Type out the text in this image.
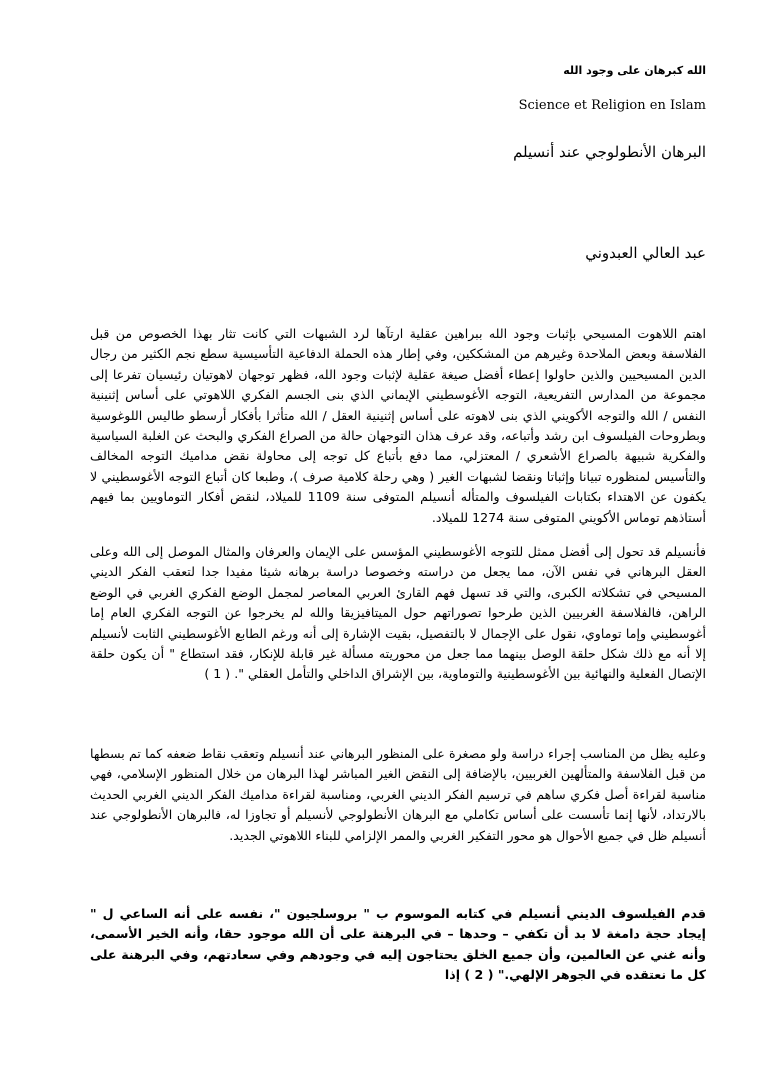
الله كبرهان على وجود الله
Science et Religion en Islam
البرهان الأنطولوجي عند أنسيلم
عبد العالي العبدوني

اهتم اللاهوت المسيحي بإثبات وجود الله ببراهين عقلية ارتآها لرد الشبهات التي كانت تثار بهذا الخصوص من قبل الفلاسفة وبعض الملاحدة وغيرهم من المشككين، وفي إطار هذه الحملة الدفاعية التأسيسية سطع نجم الكثير من رجال الدين المسيحيين والذين حاولوا إعطاء أفضل صيغة عقلية لإثبات وجود الله، فظهر توجهان لاهوتيان رئيسيان تفرعا إلى مجموعة من المدارس التفريعية، التوجه الأغوسطيني الإيماني الذي بنى الجسم الفكري اللاهوتي على أساس إثنينية النفس / الله والتوجه الأكويني الذي بنى لاهوته على أساس إثنينية العقل / الله متأثرا بأفكار أرسطو طاليس اللوغوسية وبطروحات الفيلسوف ابن رشد وأتباعه، وقد عرف هذان التوجهان حالة من الصراع الفكري والبحث عن الغلبة السياسية والفكرية شبيهة بالصراع الأشعري / المعتزلي، مما دفع بأتباع كل توجه إلى محاولة نقض مداميك التوجه المخالف والتأسيس لمنظوره تبيانا وإثباتا ونقضا لشبهات الغير ( وهي رحلة كلامية صرف )، وطبعا كان أتباع التوجه الأغوسطيني لا يكفون عن الاهتداء بكتابات الفيلسوف والمتأله أنسيلم المتوفى سنة 1109 للميلاد، لنقض أفكار التوماويين بما فيهم أستاذهم توماس الأكويني المتوفى سنة 1274 للميلاد.

فأنسيلم قد تحول إلى أفضل ممثل للتوجه الأغوسطيني المؤسس على الإيمان والعرفان والمثال الموصل إلى الله وعلى العقل البرهاني في نفس الآن، مما يجعل من دراسته وخصوصا دراسة برهانه شيئا مفيدا جدا لتعقب الفكر الديني المسيحي في تشكلاته الكبرى، والتي قد تسهل فهم القارئ العربي المعاصر لمجمل الوضع الفكري الغربي في الوضع الراهن، فالفلاسفة الغربيين الذين طرحوا تصوراتهم حول الميتافيزيقا والله لم يخرجوا عن التوجه الفكري العام إما أغوسطيني وإما توماوي، نقول على الإجمال لا بالتفصيل، بقيت الإشارة إلى أنه ورغم الطابع الأغوسطيني الثابت لأنسيلم إلا أنه مع ذلك شكل حلقة الوصل بينهما مما جعل من محوريته مسألة غير قابلة للإنكار، فقد استطاع " أن يكون حلقة الإتصال الفعلية والنهائية بين الأغوسطينية والتوماوية، بين الإشراق الداخلي والتأمل العقلي ". ( 1 )

وعليه يظل من المناسب إجراء دراسة ولو مصغرة على المنظور البرهاني عند أنسيلم وتعقب نقاط ضعفه كما تم بسطها من قبل الفلاسفة والمتألهين الغربيين، بالإضافة إلى النقض الغير المباشر لهذا البرهان من خلال المنظور الإسلامي، فهي مناسبة لقراءة أصل فكري ساهم في ترسيم الفكر الديني الغربي، ومناسبة لقراءة مداميك الفكر الديني الغربي الحديث بالارتداد، لأنها إنما تأسست على أساس تكاملي مع البرهان الأنطولوجي لأنسيلم أو تجاوزا له، فالبرهان الأنطولوجي عند أنسيلم ظل في جميع الأحوال هو محور التفكير الغربي والممر الإلزامي للبناء اللاهوتي الجديد.

قدم الفيلسوف الديني أنسيلم في كتابه الموسوم ب " بروسلجيون "، نفسه على أنه الساعي ل " إيجاد حجة دامغة لا بد أن تكفي – وحدها – في البرهنة على أن الله موجود حقا، وأنه الخير الأسمى، وأنه غني عن العالمين، وأن جميع الخلق يحتاجون إليه في وجودهم وفي سعادتهم، وفي البرهنة على كل ما نعتقده في الجوهر الإلهي." ( 2 ) إذا
